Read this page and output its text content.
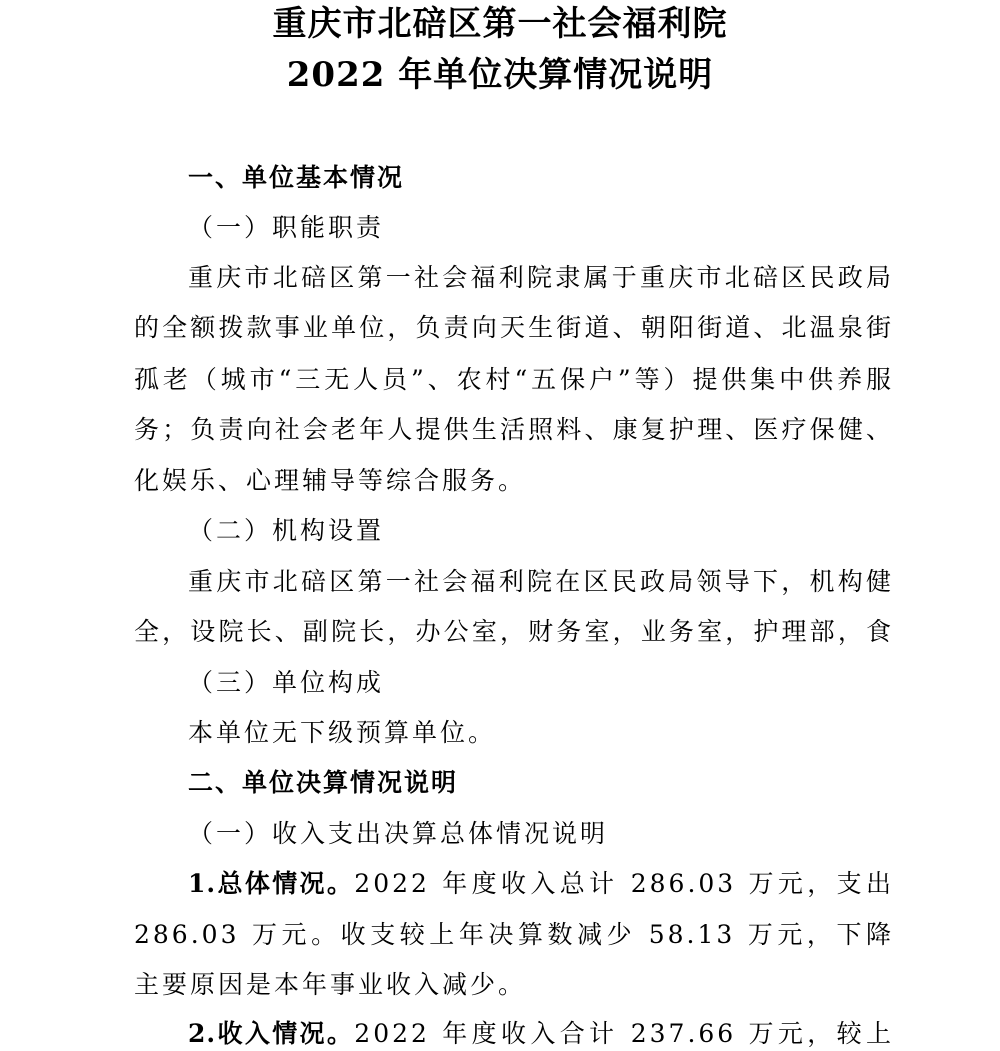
重庆市北碚区第一社会福利院
2022 年单位决算情况说明
一、单位基本情况
（一）职能职责
重庆市北碚区第一社会福利院隶属于重庆市北碚区民政局
的全额拨款事业单位，负责向天生街道、朝阳街道、北温泉街
孤老（城市“三无人员”、农村“五保户”等）提供集中供养服
务；负责向社会老年人提供生活照料、康复护理、医疗保健、
化娱乐、心理辅导等综合服务。
（二）机构设置
重庆市北碚区第一社会福利院在区民政局领导下，机构健
全，设院长、副院长，办公室，财务室，业务室，护理部，食
（三）单位构成
本单位无下级预算单位。
二、单位决算情况说明
（一）收入支出决算总体情况说明
1.总体情况。2022 年度收入总计 286.03 万元，支出
286.03 万元。收支较上年决算数减少 58.13 万元，下降
主要原因是本年事业收入减少。
2.收入情况。2022 年度收入合计 237.66 万元，较上
